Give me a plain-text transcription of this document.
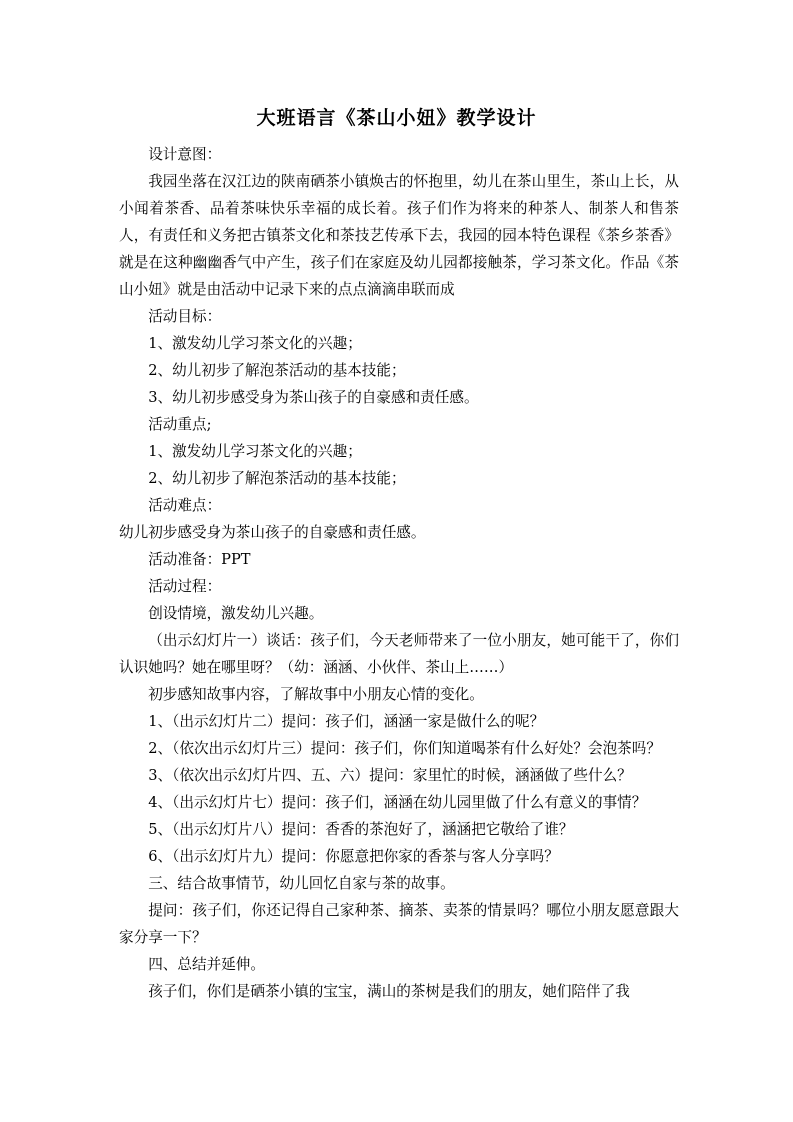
大班语言《茶山小妞》教学设计

设计意图：

我园坐落在汉江边的陕南硒茶小镇焕古的怀抱里，幼儿在茶山里生，茶山上长，从小闻着茶香、品着茶味快乐幸福的成长着。孩子们作为将来的种茶人、制茶人和售茶人，有责任和义务把古镇茶文化和茶技艺传承下去，我园的园本特色课程《茶乡茶香》就是在这种幽幽香气中产生，孩子们在家庭及幼儿园都接触茶，学习茶文化。作品《茶山小妞》就是由活动中记录下来的点点滴滴串联而成

活动目标：

1、激发幼儿学习茶文化的兴趣；

2、幼儿初步了解泡茶活动的基本技能；

3、幼儿初步感受身为茶山孩子的自豪感和责任感。

活动重点;

1、激发幼儿学习茶文化的兴趣；

2、幼儿初步了解泡茶活动的基本技能；

活动难点：

幼儿初步感受身为茶山孩子的自豪感和责任感。

活动准备：PPT

活动过程：

创设情境，激发幼儿兴趣。

（出示幻灯片一）谈话：孩子们，今天老师带来了一位小朋友，她可能干了，你们认识她吗？她在哪里呀？（幼：涵涵、小伙伴、茶山上……）

初步感知故事内容，了解故事中小朋友心情的变化。

1、（出示幻灯片二）提问：孩子们，涵涵一家是做什么的呢？

2、（依次出示幻灯片三）提问：孩子们，你们知道喝茶有什么好处？会泡茶吗？

3、（依次出示幻灯片四、五、六）提问：家里忙的时候，涵涵做了些什么？

4、（出示幻灯片七）提问：孩子们，涵涵在幼儿园里做了什么有意义的事情？

5、（出示幻灯片八）提问：香香的茶泡好了，涵涵把它敬给了谁？

6、（出示幻灯片九）提问：你愿意把你家的香茶与客人分享吗？

三、结合故事情节，幼儿回忆自家与茶的故事。

提问：孩子们，你还记得自己家种茶、摘茶、卖茶的情景吗？哪位小朋友愿意跟大家分享一下？

四、总结并延伸。

孩子们，你们是硒茶小镇的宝宝，满山的茶树是我们的朋友，她们陪伴了我
